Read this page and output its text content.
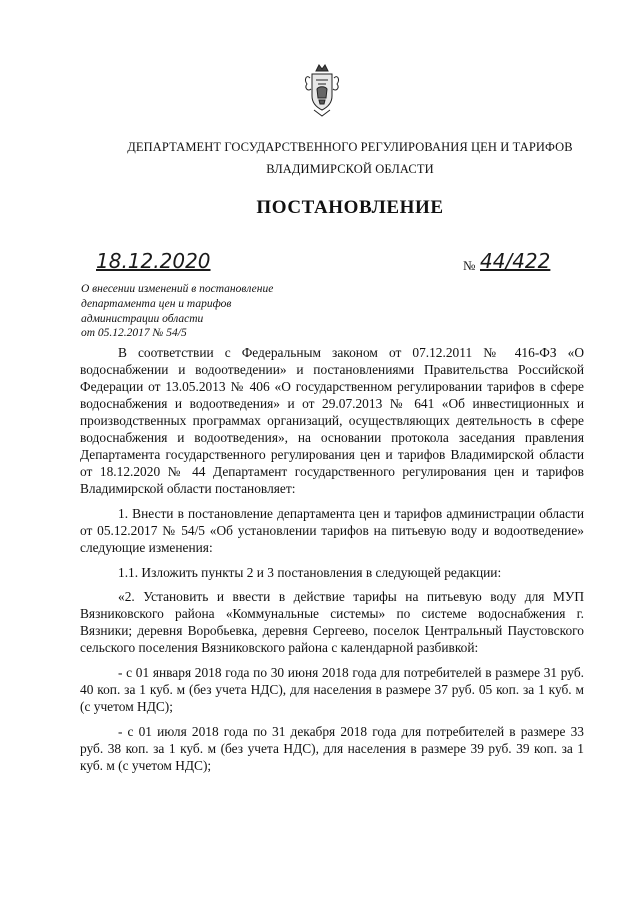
ДЕПАРТАМЕНТ ГОСУДАРСТВЕННОГО РЕГУЛИРОВАНИЯ ЦЕН И ТАРИФОВ
ВЛАДИМИРСКОЙ ОБЛАСТИ
ПОСТАНОВЛЕНИЕ
18.12.2020	№ 44/422
О внесении изменений в постановление
департамента цен и тарифов
администрации области
от 05.12.2017 № 54/5

В соответствии с Федеральным законом от 07.12.2011 № 416-ФЗ «О водоснабжении и водоотведении» и постановлениями Правительства Российской Федерации от 13.05.2013 № 406 «О государственном регулировании тарифов в сфере водоснабжения и водоотведения» и от 29.07.2013 № 641 «Об инвестиционных и производственных программах организаций, осуществляющих деятельность в сфере водоснабжения и водоотведения», на основании протокола заседания правления Департамента государственного регулирования цен и тарифов Владимирской области от 18.12.2020 № 44 Департамент государственного регулирования цен и тарифов Владимирской области постановляет:

1. Внести в постановление департамента цен и тарифов администрации области от 05.12.2017 № 54/5 «Об установлении тарифов на питьевую воду и водоотведение» следующие изменения:

1.1. Изложить пункты 2 и 3 постановления в следующей редакции:

«2. Установить и ввести в действие тарифы на питьевую воду для МУП Вязниковского района «Коммунальные системы» по системе водоснабжения г. Вязники; деревня Воробьевка, деревня Сергеево, поселок Центральный Паустовского сельского поселения Вязниковского района с календарной разбивкой:

- с 01 января 2018 года по 30 июня 2018 года для потребителей в размере 31 руб. 40 коп. за 1 куб. м (без учета НДС), для населения в размере 37 руб. 05 коп. за 1 куб. м (с учетом НДС);

- с 01 июля 2018 года по 31 декабря 2018 года для потребителей в размере 33 руб. 38 коп. за 1 куб. м (без учета НДС), для населения в размере 39 руб. 39 коп. за 1 куб. м (с учетом НДС);
